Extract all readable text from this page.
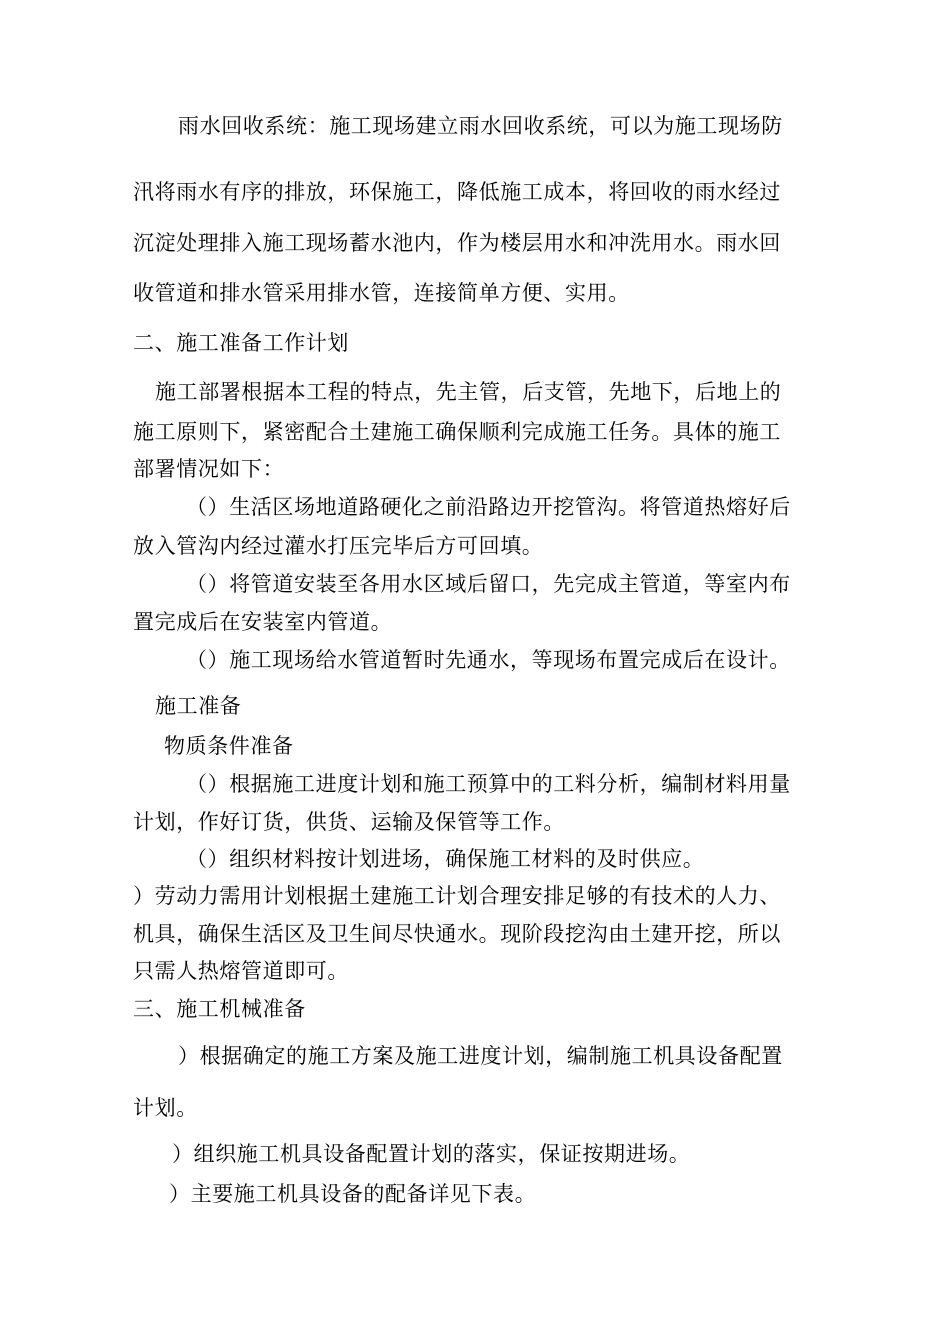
雨水回收系统：施工现场建立雨水回收系统，可以为施工现场防
汛将雨水有序的排放，环保施工，降低施工成本，将回收的雨水经过
沉淀处理排入施工现场蓄水池内，作为楼层用水和冲洗用水。雨水回
收管道和排水管采用排水管，连接简单方便、实用。
二、施工准备工作计划
施工部署根据本工程的特点，先主管，后支管，先地下，后地上的
施工原则下，紧密配合土建施工确保顺利完成施工任务。具体的施工
部署情况如下：
（）生活区场地道路硬化之前沿路边开挖管沟。将管道热熔好后
放入管沟内经过灌水打压完毕后方可回填。
（）将管道安装至各用水区域后留口，先完成主管道，等室内布
置完成后在安装室内管道。
（）施工现场给水管道暂时先通水，等现场布置完成后在设计。
施工准备
物质条件准备
（）根据施工进度计划和施工预算中的工料分析，编制材料用量
计划，作好订货，供货、运输及保管等工作。
（）组织材料按计划进场，确保施工材料的及时供应。
）劳动力需用计划根据土建施工计划合理安排足够的有技术的人力、
机具，确保生活区及卫生间尽快通水。现阶段挖沟由土建开挖，所以
只需人热熔管道即可。
三、施工机械准备
）根据确定的施工方案及施工进度计划，编制施工机具设备配置
计划。
）组织施工机具设备配置计划的落实，保证按期进场。
）主要施工机具设备的配备详见下表。
